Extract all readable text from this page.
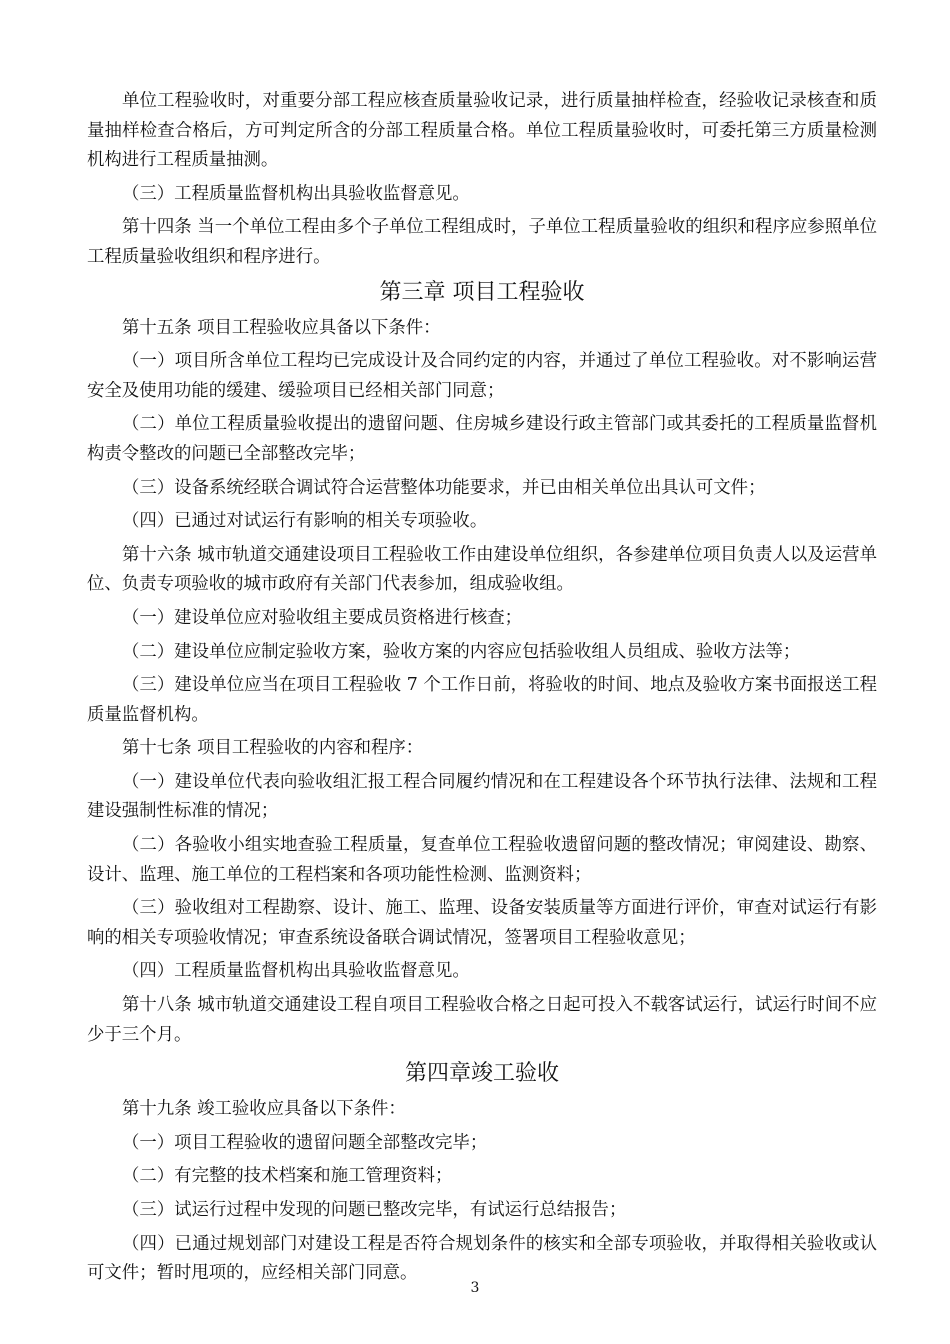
单位工程验收时，对重要分部工程应核查质量验收记录，进行质量抽样检查，经验收记录核查和质量抽样检查合格后，方可判定所含的分部工程质量合格。单位工程质量验收时，可委托第三方质量检测机构进行工程质量抽测。

（三）工程质量监督机构出具验收监督意见。

第十四条 当一个单位工程由多个子单位工程组成时，子单位工程质量验收的组织和程序应参照单位工程质量验收组织和程序进行。

第三章 项目工程验收

第十五条 项目工程验收应具备以下条件：

（一）项目所含单位工程均已完成设计及合同约定的内容，并通过了单位工程验收。对不影响运营安全及使用功能的缓建、缓验项目已经相关部门同意；

（二）单位工程质量验收提出的遗留问题、住房城乡建设行政主管部门或其委托的工程质量监督机构责令整改的问题已全部整改完毕；

（三）设备系统经联合调试符合运营整体功能要求，并已由相关单位出具认可文件；

（四）已通过对试运行有影响的相关专项验收。

第十六条 城市轨道交通建设项目工程验收工作由建设单位组织，各参建单位项目负责人以及运营单位、负责专项验收的城市政府有关部门代表参加，组成验收组。

（一）建设单位应对验收组主要成员资格进行核查；

（二）建设单位应制定验收方案，验收方案的内容应包括验收组人员组成、验收方法等；

（三）建设单位应当在项目工程验收 7 个工作日前，将验收的时间、地点及验收方案书面报送工程质量监督机构。

第十七条 项目工程验收的内容和程序：

（一）建设单位代表向验收组汇报工程合同履约情况和在工程建设各个环节执行法律、法规和工程建设强制性标准的情况；

（二）各验收小组实地查验工程质量，复查单位工程验收遗留问题的整改情况；审阅建设、勘察、设计、监理、施工单位的工程档案和各项功能性检测、监测资料；

（三）验收组对工程勘察、设计、施工、监理、设备安装质量等方面进行评价，审查对试运行有影响的相关专项验收情况；审查系统设备联合调试情况，签署项目工程验收意见；

（四）工程质量监督机构出具验收监督意见。

第十八条 城市轨道交通建设工程自项目工程验收合格之日起可投入不载客试运行，试运行时间不应少于三个月。

第四章竣工验收

第十九条 竣工验收应具备以下条件：

（一）项目工程验收的遗留问题全部整改完毕；

（二）有完整的技术档案和施工管理资料；

（三）试运行过程中发现的问题已整改完毕，有试运行总结报告；

（四）已通过规划部门对建设工程是否符合规划条件的核实和全部专项验收，并取得相关验收或认可文件；暂时甩项的，应经相关部门同意。

3
